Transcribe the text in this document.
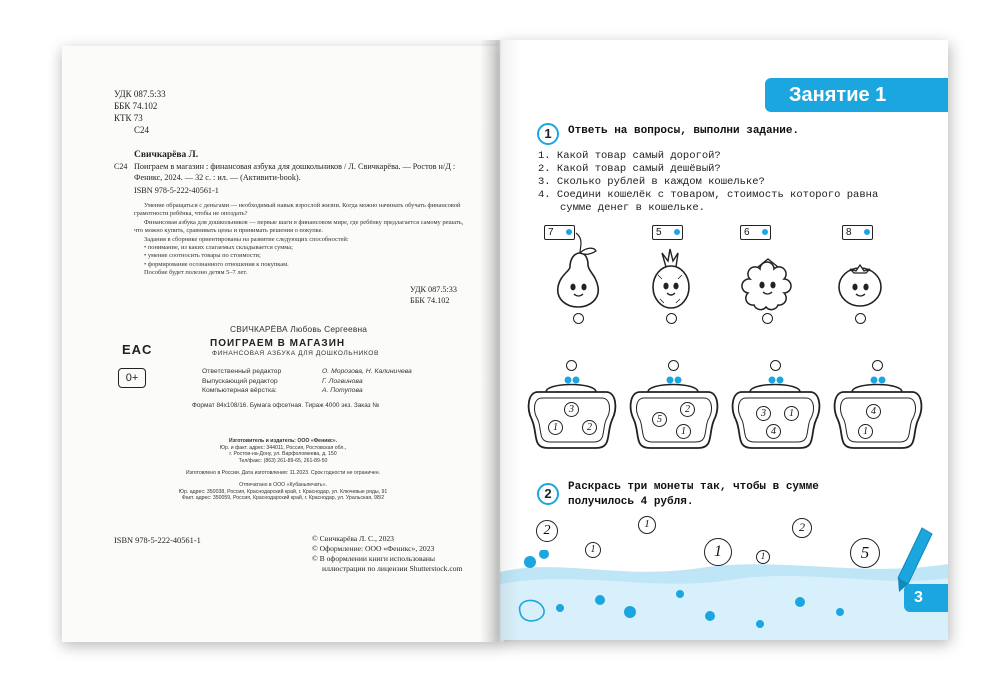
УДК 087.5:33
ББК 74.102
КТК 73
С24

Свичкарёва Л.

С24 Поиграем в магазин : финансовая азбука для дошкольников / Л. Свичкарёва. — Ростов н/Д : Феникс, 2024. — 32 с. : ил. — (Активити-book).

ISBN 978-5-222-40561-1

Умение обращаться с деньгами — необходимый навык взрослой жизни. Когда можно начинать обучать финансовой грамотности ребёнка, чтобы не опоздать?
Финансовая азбука для дошкольников — первые шаги в финансовом мире, где ребёнку предлагается самому решать, что можно купить, сравнивать цены и принимать решения о покупке.
Задания в сборнике ориентированы на развитие следующих способностей:
• понимание, из каких слагаемых складывается сумма;
• умение соотносить товары по стоимости;
• формирование осознанного отношения к покупкам.
Пособие будет полезно детям 5–7 лет.
УДК 087.5:33
ББК 74.102
EAC
0+

СВИЧКАРЁВА Любовь Сергеевна

ПОИГРАЕМ В МАГАЗИН

ФИНАНСОВАЯ АЗБУКА ДЛЯ ДОШКОЛЬНИКОВ

Ответственный редактор	О. Морозова, Н. Калиничева
Выпускающий редактор	Г. Логвинова
Компьютерная вёрстка:	А. Потупова

Формат 84х108/16. Бумага офсетная. Тираж 4000 экз. Заказ №

Изготовитель и издатель: ООО «Феникс».
Юр. и факт. адрес: 344011, Россия, Ростовская обл.,
г. Ростов-на-Дону, ул. Варфоломеева, д. 150
Тел/факс: (863) 261-89-65, 261-89-50

Изготовлено в России. Дата изготовления: 11.2023. Срок годности не ограничен.

Отпечатано в ООО «Кубаньпечать».
Юр. адрес: 350038, Россия, Краснодарский край, г. Краснодар, ул. Ключевые ряды, 91
Факт. адрес: 350059, Россия, Краснодарский край, г. Краснодар, ул. Уральская, 98/2

ISBN 978-5-222-40561-1	© Свичкарёва Л. С., 2023
© Оформление: ООО «Феникс», 2023
© В оформлении книги использованы
иллюстрации по лицензии Shutterstock.com
Занятие 1
1	Ответь на вопросы, выполни задание.

1. Какой товар самый дорогой?
2. Какой товар самый дешёвый?
3. Сколько рублей в каждом кошельке?
4. Соедини кошелёк с товаром, стоимость которого равна сумме денег в кошельке.
7	5	6	8
3
1	2
2
5
1
3	1
4
4
1
2	Раскрась три монеты так, чтобы в сумме получилось 4 рубля.
2
1
1
1
2
1	5
3
